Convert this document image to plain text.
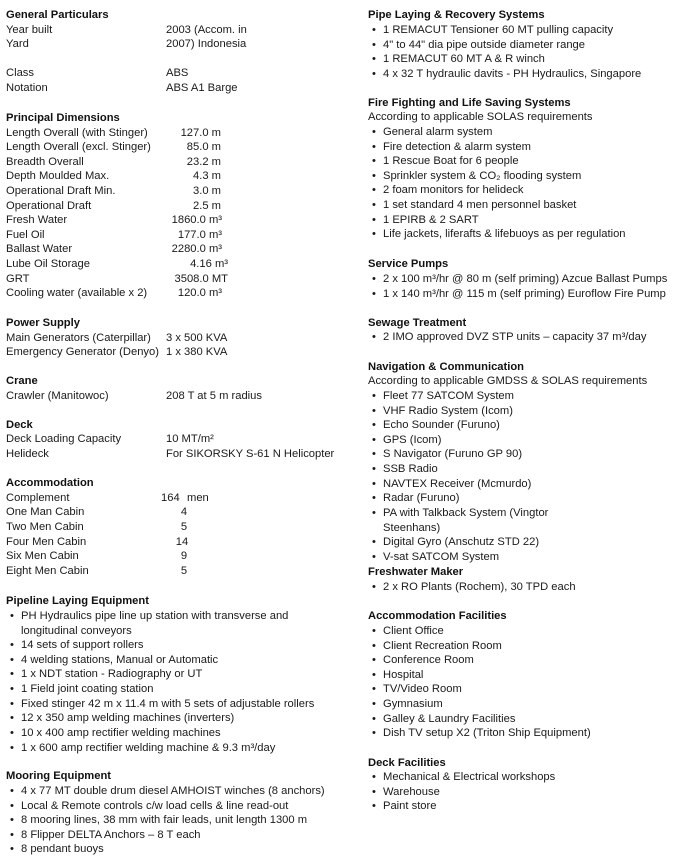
General Particulars
Year built	2003 (Accom. in
Yard	2007) Indonesia
Class	ABS
Notation	ABS A1 Barge
Principal Dimensions
Length Overall (with Stinger)	127.0 m
Length Overall (excl. Stinger)	85.0 m
Breadth Overall	23.2 m
Depth Moulded Max.	4.3 m
Operational Draft Min.	3.0 m
Operational Draft	2.5 m
Fresh Water	1860.0 m³
Fuel Oil	177.0 m³
Ballast Water	2280.0 m³
Lube Oil Storage	4.16 m³
GRT	3508.0 MT
Cooling water (available x 2)	120.0 m³
Power Supply
Main Generators (Caterpillar) 3 x 500 KVA
Emergency Generator (Denyo) 1 x 380 KVA
Crane
Crawler (Manitowoc)	208 T at 5 m radius
Deck
Deck Loading Capacity	10 MT/m²
Helideck	For SIKORSKY S-61 N Helicopter
Accommodation
Complement	164 men
One Man Cabin	4
Two Men Cabin	5
Four Men Cabin	14
Six Men Cabin	9
Eight Men Cabin	5
Pipeline Laying Equipment
• PH Hydraulics pipe line up station with transverse and
longitudinal conveyors
• 14 sets of support rollers
• 4 welding stations, Manual or Automatic
• 1 x NDT station - Radiography or UT
• 1 Field joint coating station
• Fixed stinger 42 m x 11.4 m with 5 sets of adjustable rollers
• 12 x 350 amp welding machines (inverters)
• 10 x 400 amp rectifier welding machines
• 1 x 600 amp rectifier welding machine & 9.3 m³/day
Mooring Equipment
• 4 x 77 MT double drum diesel AMHOIST winches (8 anchors)
• Local & Remote controls c/w load cells & line read-out
• 8 mooring lines, 38 mm with fair leads, unit length 1300 m
• 8 Flipper DELTA Anchors – 8 T each
• 8 pendant buoys
Pipe Laying & Recovery Systems
• 1 REMACUT Tensioner 60 MT pulling capacity
• 4" to 44" dia pipe outside diameter range
• 1 REMACUT 60 MT A & R winch
• 4 x 32 T hydraulic davits - PH Hydraulics, Singapore
Fire Fighting and Life Saving Systems
According to applicable SOLAS requirements
• General alarm system
• Fire detection & alarm system
• 1 Rescue Boat for 6 people
• Sprinkler system & CO₂ flooding system
• 2 foam monitors for helideck
• 1 set standard 4 men personnel basket
• 1 EPIRB & 2 SART
• Life jackets, liferafts & lifebuoys as per regulation
Service Pumps
• 2 x 100 m³/hr @ 80 m (self priming) Azcue Ballast Pumps
• 1 x 140 m³/hr @ 115 m (self priming) Euroflow Fire Pump
Sewage Treatment
• 2 IMO approved DVZ STP units – capacity 37 m³/day
Navigation & Communication
According to applicable GMDSS & SOLAS requirements
• Fleet 77 SATCOM System
• VHF Radio System (Icom)
• Echo Sounder (Furuno)
• GPS (Icom)
• S Navigator (Furuno GP 90)
• SSB Radio
• NAVTEX Receiver (Mcmurdo)
• Radar (Furuno)
• PA with Talkback System (Vingtor
Steenhans)
• Digital Gyro (Anschutz STD 22)
• V-sat SATCOM System
Freshwater Maker
• 2 x RO Plants (Rochem), 30 TPD each
Accommodation Facilities
• Client Office
• Client Recreation Room
• Conference Room
• Hospital
• TV/Video Room
• Gymnasium
• Galley & Laundry Facilities
• Dish TV setup X2 (Triton Ship Equipment)
Deck Facilities
• Mechanical & Electrical workshops
• Warehouse
• Paint store
